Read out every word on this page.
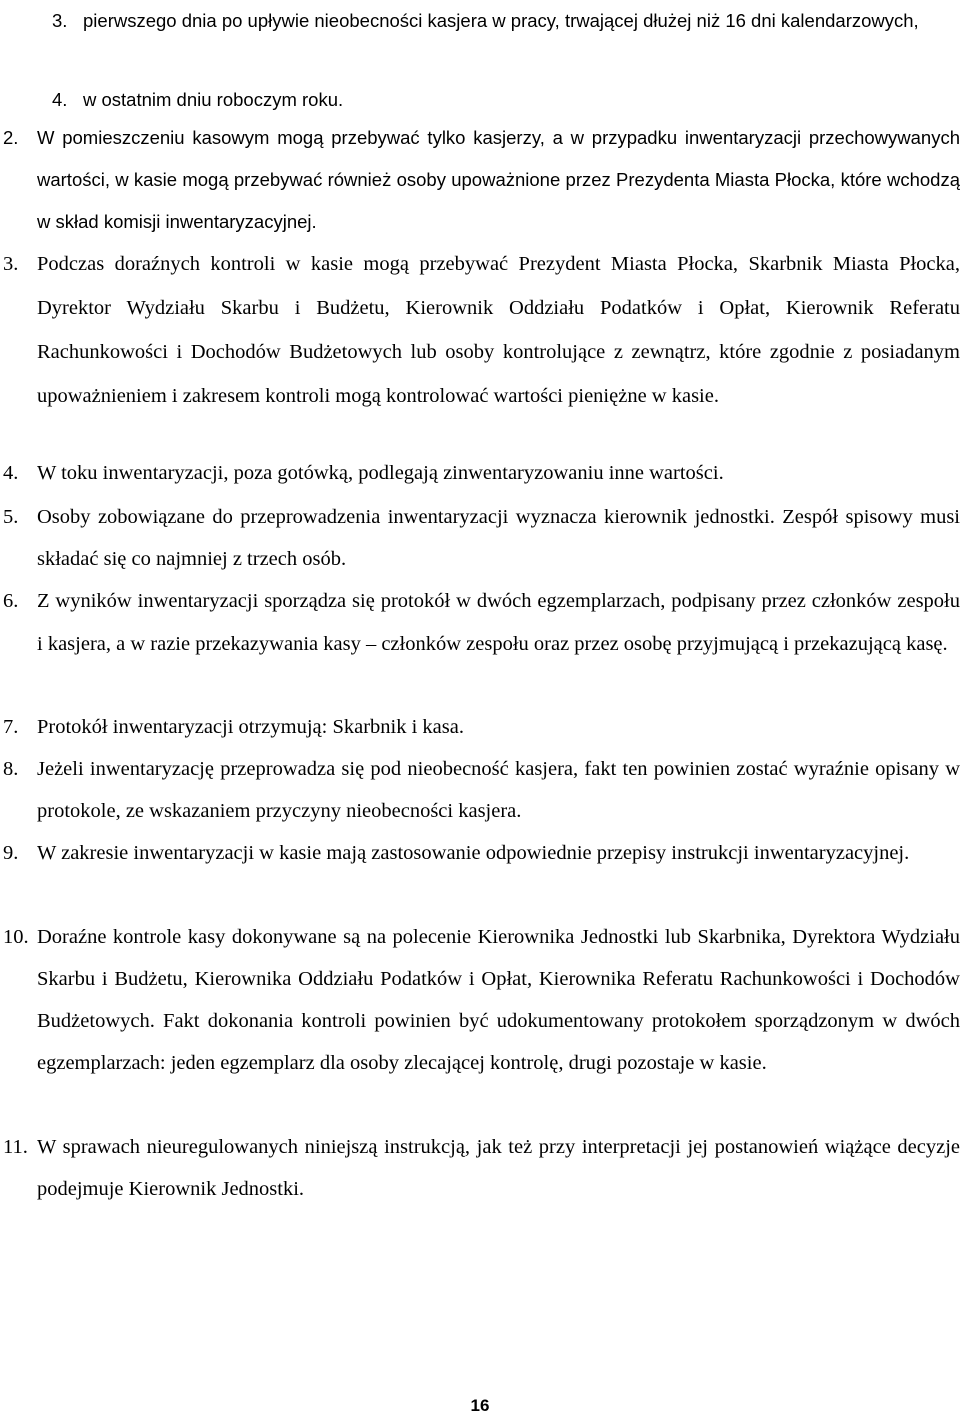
3. pierwszego dnia po upływie nieobecności kasjera w pracy, trwającej dłużej niż 16 dni kalendarzowych,
4. w ostatnim dniu roboczym roku.
2. W pomieszczeniu kasowym mogą przebywać tylko kasjerzy, a w przypadku inwentaryzacji przechowywanych wartości, w kasie mogą przebywać również osoby upoważnione przez Prezydenta Miasta Płocka, które wchodzą w skład komisji inwentaryzacyjnej.
3. Podczas doraźnych kontroli w kasie mogą przebywać Prezydent Miasta Płocka, Skarbnik Miasta Płocka, Dyrektor Wydziału Skarbu i Budżetu, Kierownik Oddziału Podatków i Opłat, Kierownik Referatu Rachunkowości i Dochodów Budżetowych lub osoby kontrolujące z zewnątrz, które zgodnie z posiadanym upoważnieniem i zakresem kontroli mogą kontrolować wartości pieniężne w kasie.
4. W toku inwentaryzacji, poza gotówką, podlegają zinwentaryzowaniu inne wartości.
5. Osoby zobowiązane do przeprowadzenia inwentaryzacji wyznacza kierownik jednostki. Zespół spisowy musi składać się co najmniej z trzech osób.
6. Z wyników inwentaryzacji sporządza się protokół w dwóch egzemplarzach, podpisany przez członków zespołu i kasjera, a w razie przekazywania kasy – członków zespołu oraz przez osobę przyjmującą i przekazującą kasę.
7. Protokół inwentaryzacji otrzymują: Skarbnik i kasa.
8. Jeżeli inwentaryzację przeprowadza się pod nieobecność kasjera, fakt ten powinien zostać wyraźnie opisany w protokole, ze wskazaniem przyczyny nieobecności kasjera.
9. W zakresie inwentaryzacji w kasie mają zastosowanie odpowiednie przepisy instrukcji inwentaryzacyjnej.
10. Doraźne kontrole kasy dokonywane są na polecenie Kierownika Jednostki lub Skarbnika, Dyrektora Wydziału Skarbu i Budżetu, Kierownika Oddziału Podatków i Opłat, Kierownika Referatu Rachunkowości i Dochodów Budżetowych. Fakt dokonania kontroli powinien być udokumentowany protokołem sporządzonym w dwóch egzemplarzach: jeden egzemplarz dla osoby zlecającej kontrolę, drugi pozostaje w kasie.
11. W sprawach nieuregulowanych niniejszą instrukcją, jak też przy interpretacji jej postanowień wiążące decyzje podejmuje Kierownik Jednostki.
16
